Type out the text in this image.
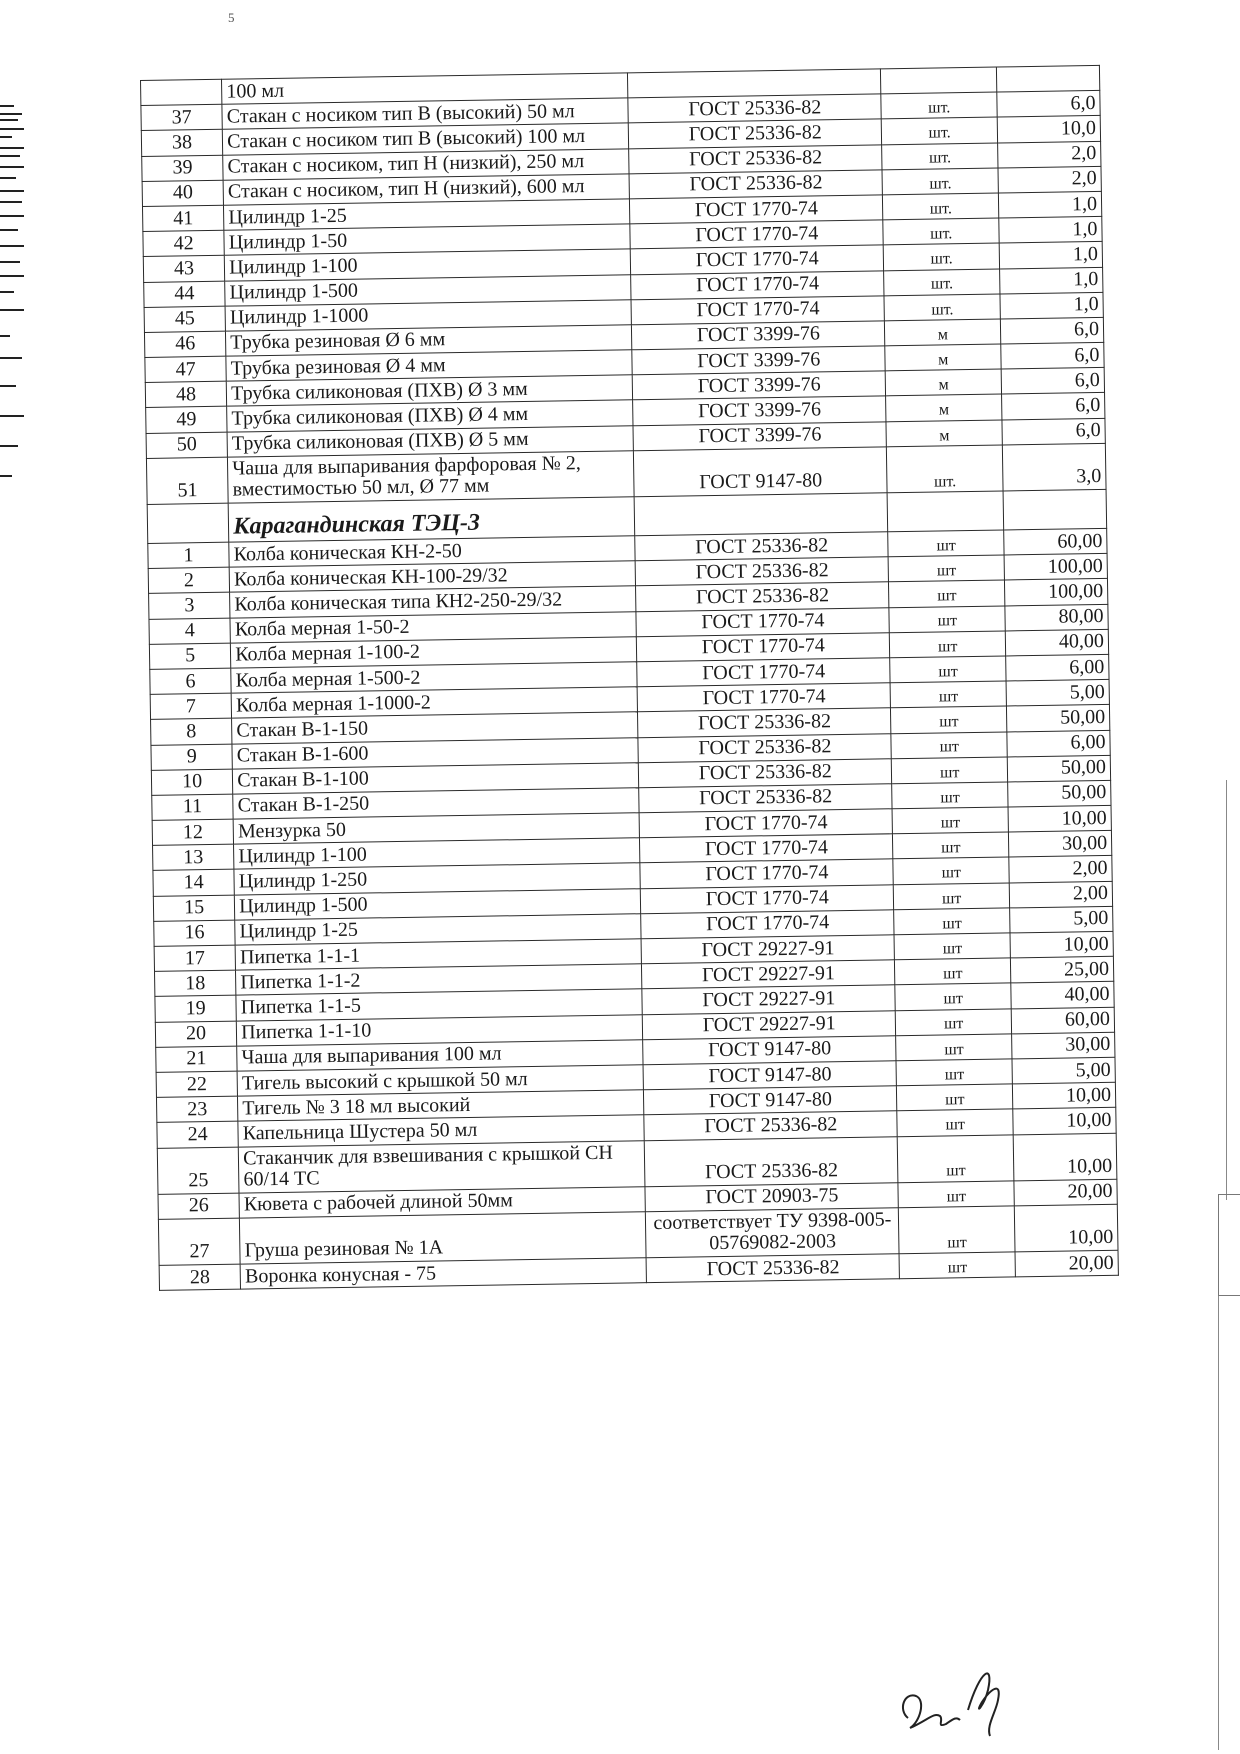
5
	100 мл			
37	Стакан с носиком тип В (высокий) 50 мл	ГОСТ 25336-82	шт.	6,0
38	Стакан с носиком тип В (высокий) 100 мл	ГОСТ 25336-82	шт.	10,0
39	Стакан с носиком, тип Н (низкий), 250 мл	ГОСТ 25336-82	шт.	2,0
40	Стакан с носиком, тип Н (низкий), 600 мл	ГОСТ 25336-82	шт.	2,0
41	Цилиндр 1-25	ГОСТ 1770-74	шт.	1,0
42	Цилиндр 1-50	ГОСТ 1770-74	шт.	1,0
43	Цилиндр 1-100	ГОСТ 1770-74	шт.	1,0
44	Цилиндр 1-500	ГОСТ 1770-74	шт.	1,0
45	Цилиндр 1-1000	ГОСТ 1770-74	шт.	1,0
46	Трубка резиновая Ø 6 мм	ГОСТ 3399-76	м	6,0
47	Трубка резиновая Ø 4 мм	ГОСТ 3399-76	м	6,0
48	Трубка силиконовая (ПХВ) Ø 3 мм	ГОСТ 3399-76	м	6,0
49	Трубка силиконовая (ПХВ) Ø 4 мм	ГОСТ 3399-76	м	6,0
50	Трубка силиконовая (ПХВ) Ø 5 мм	ГОСТ 3399-76	м	6,0
51	Чаша для выпаривания фарфоровая № 2, вместимостью 50 мл, Ø 77 мм	ГОСТ 9147-80	шт.	3,0
	Карагандинская ТЭЦ-3			
1	Колба коническая КН-2-50	ГОСТ 25336-82	шт	60,00
2	Колба коническая КН-100-29/32	ГОСТ 25336-82	шт	100,00
3	Колба коническая типа КН2-250-29/32	ГОСТ 25336-82	шт	100,00
4	Колба мерная 1-50-2	ГОСТ 1770-74	шт	80,00
5	Колба мерная 1-100-2	ГОСТ 1770-74	шт	40,00
6	Колба мерная 1-500-2	ГОСТ 1770-74	шт	6,00
7	Колба мерная 1-1000-2	ГОСТ 1770-74	шт	5,00
8	Стакан В-1-150	ГОСТ 25336-82	шт	50,00
9	Стакан В-1-600	ГОСТ 25336-82	шт	6,00
10	Стакан В-1-100	ГОСТ 25336-82	шт	50,00
11	Стакан В-1-250	ГОСТ 25336-82	шт	50,00
12	Мензурка 50	ГОСТ 1770-74	шт	10,00
13	Цилиндр 1-100	ГОСТ 1770-74	шт	30,00
14	Цилиндр 1-250	ГОСТ 1770-74	шт	2,00
15	Цилиндр 1-500	ГОСТ 1770-74	шт	2,00
16	Цилиндр 1-25	ГОСТ 1770-74	шт	5,00
17	Пипетка 1-1-1	ГОСТ 29227-91	шт	10,00
18	Пипетка 1-1-2	ГОСТ 29227-91	шт	25,00
19	Пипетка 1-1-5	ГОСТ 29227-91	шт	40,00
20	Пипетка 1-1-10	ГОСТ 29227-91	шт	60,00
21	Чаша для выпаривания 100 мл	ГОСТ 9147-80	шт	30,00
22	Тигель высокий с крышкой 50 мл	ГОСТ 9147-80	шт	5,00
23	Тигель № 3 18 мл высокий	ГОСТ 9147-80	шт	10,00
24	Капельница Шустера 50 мл	ГОСТ 25336-82	шт	10,00
25	Стаканчик для взвешивания с крышкой СН 60/14 ТС	ГОСТ 25336-82	шт	10,00
26	Кювета с рабочей длиной 50мм	ГОСТ 20903-75	шт	20,00
27	Груша резиновая № 1А	соответствует ТУ 9398-005-05769082-2003	шт	10,00
28	Воронка конусная - 75	ГОСТ 25336-82	шт	20,00
